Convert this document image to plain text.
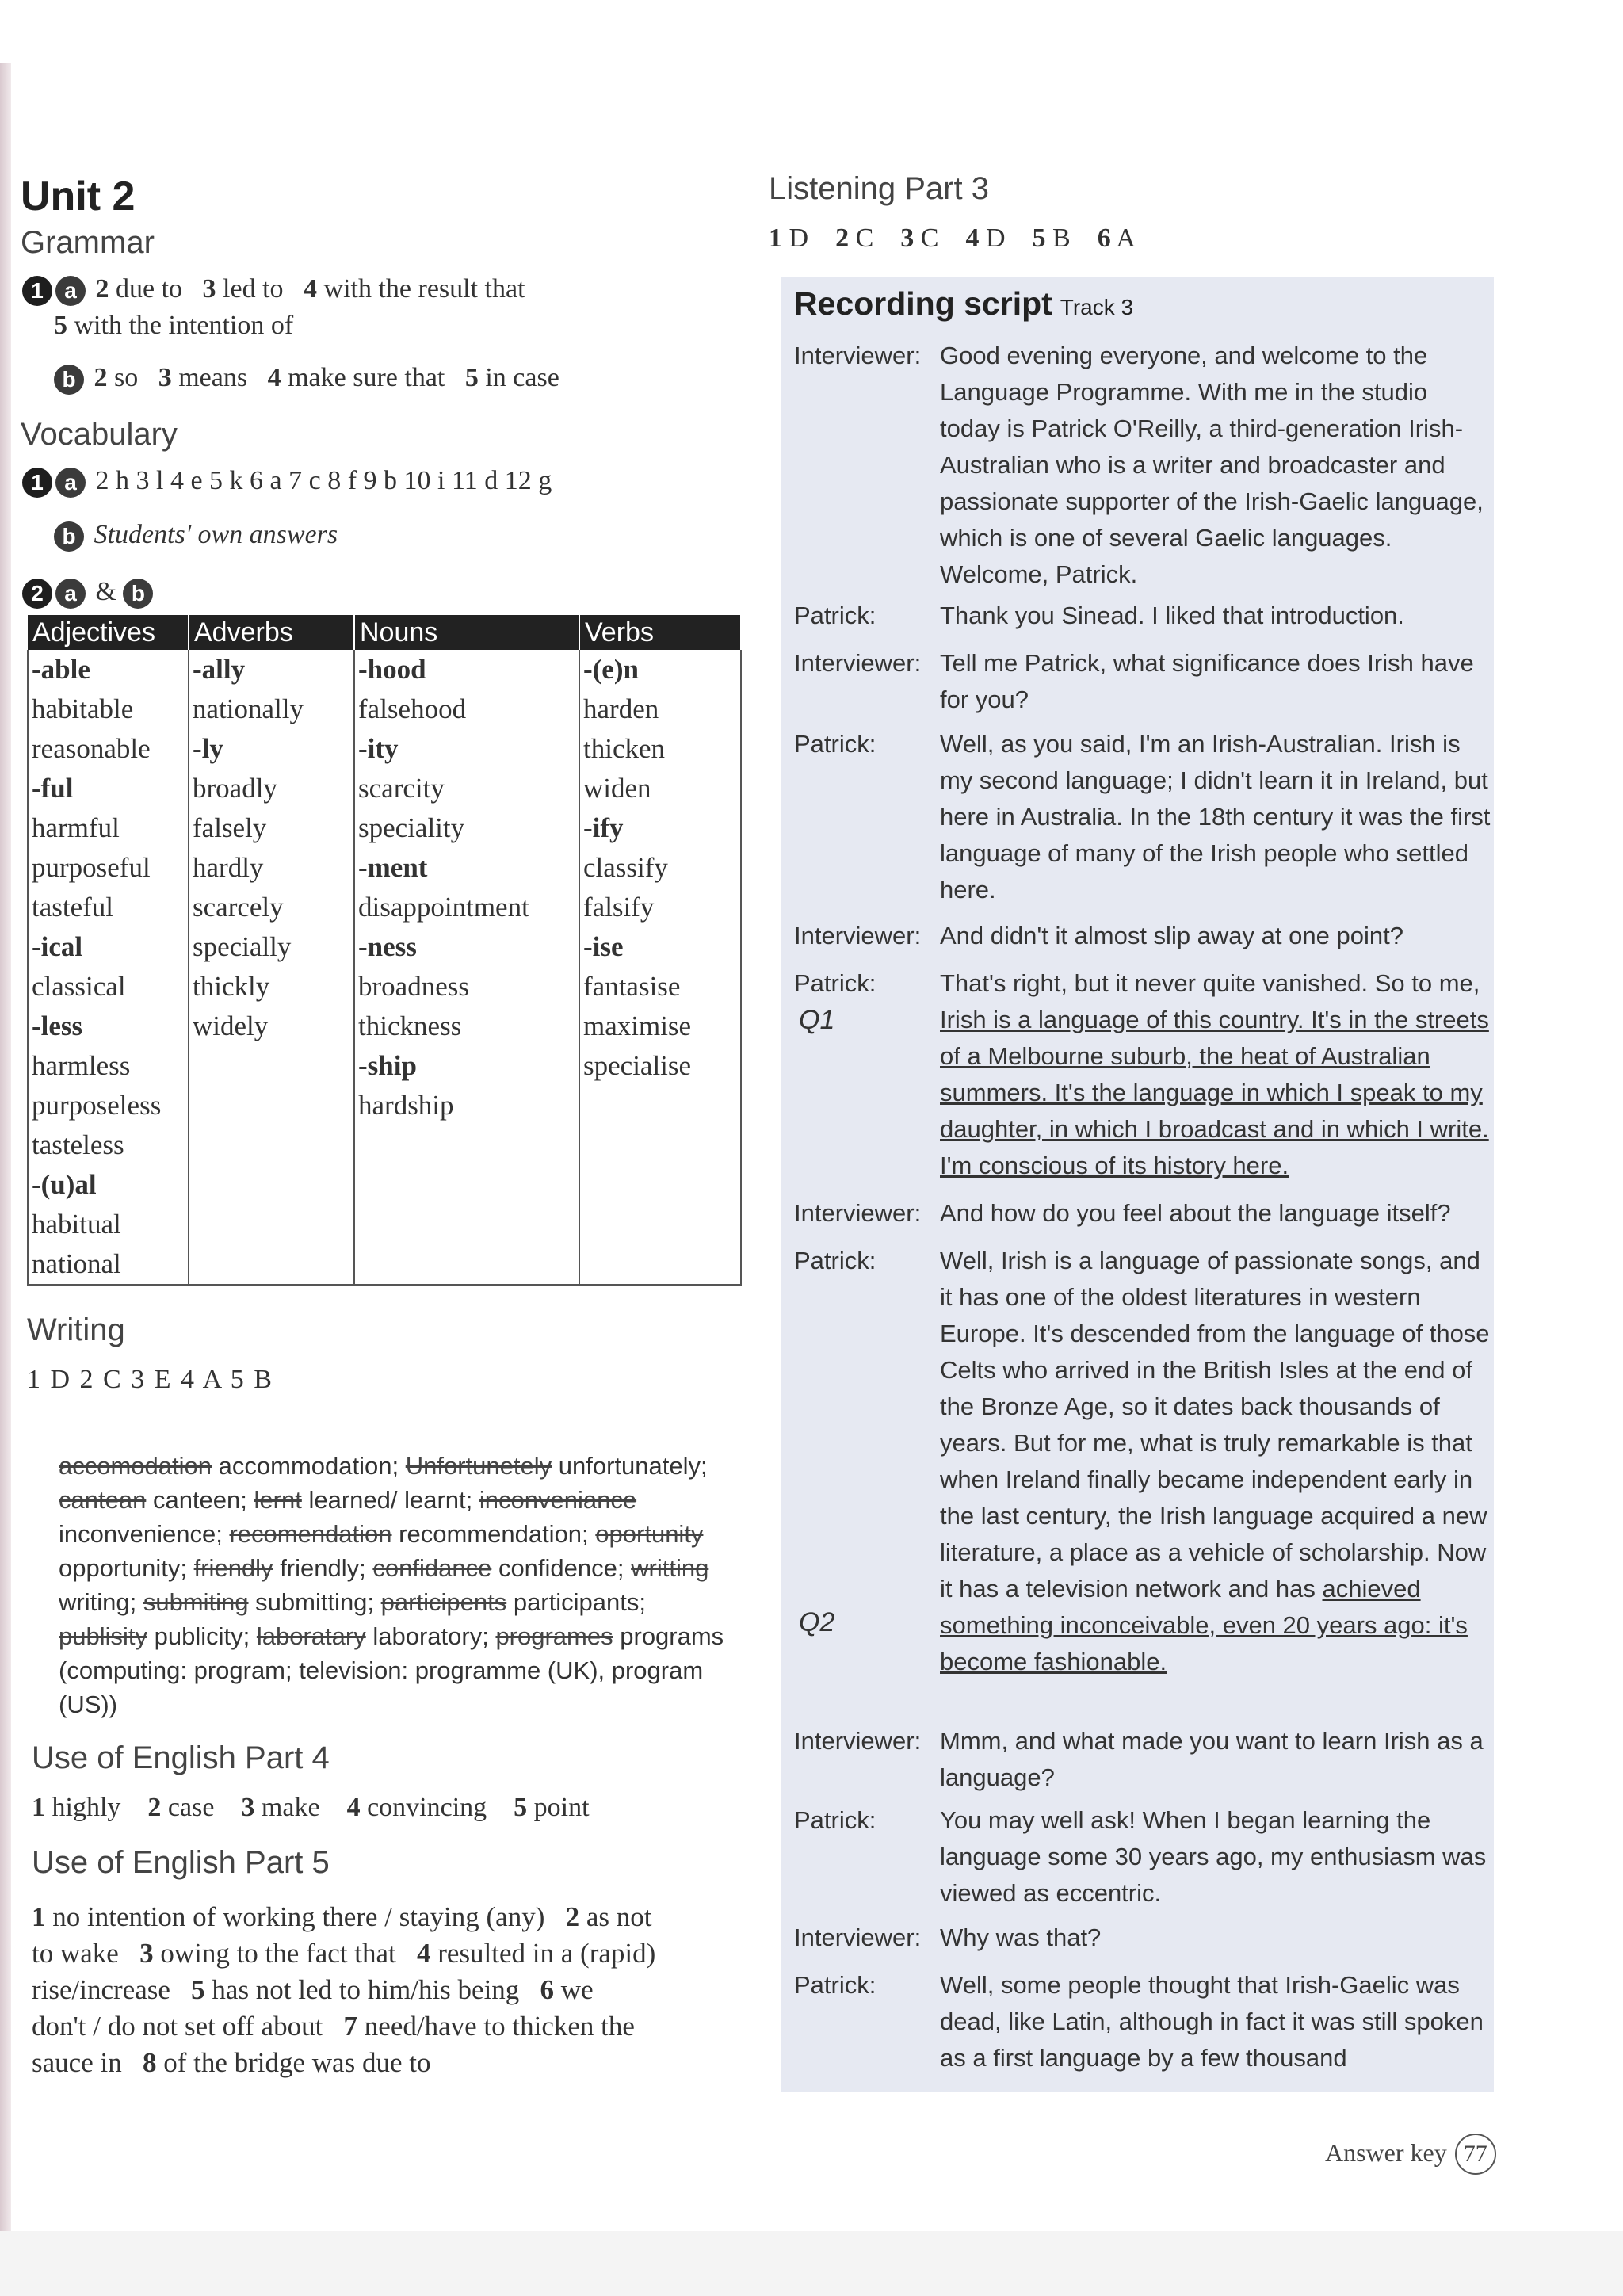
Unit 2
Grammar
1 a 2 due to 3 led to 4 with the result that
5 with the intention of
b 2 so 3 means 4 make sure that 5 in case
Vocabulary
1 a 2 h 3 l 4 e 5 k 6 a 7 c 8 f 9 b 10 i 11 d 12 g
b Students' own answers
2 a & b
Adjectives	Adverbs	Nouns	Verbs
-able	-ally	-hood	-(e)n
habitable	nationally	falsehood	harden
reasonable	-ly	-ity	thicken
-ful	broadly	scarcity	widen
harmful	falsely	speciality	-ify
purposeful	hardly	-ment	classify
tasteful	scarcely	disappointment	falsify
-ical	specially	-ness	-ise
classical	thickly	broadness	fantasise
-less	widely	thickness	maximise
harmless		-ship	specialise
purposeless		hardship	
tasteless			
-(u)al			
habitual			
national			
Writing
1 D 2 C 3 E 4 A 5 B
accomodation accommodation; Unfortunetely unfortunately; cantean canteen; lernt learned/ learnt; inconveniance inconvenience; recomendation recommendation; oportunity opportunity; friendly friendly; confidance confidence; writting writing; submiting submitting; participents participants; publisity publicity; laboratary laboratory; programes programs (computing: program; television: programme (UK), program (US))
Use of English Part 4
1 highly 2 case 3 make 4 convincing 5 point
Use of English Part 5
1 no intention of working there / staying (any) 2 as not
to wake 3 owing to the fact that 4 resulted in a (rapid)
rise/increase 5 has not led to him/his being 6 we
don't / do not set off about 7 need/have to thicken the
sauce in 8 of the bridge was due to
Listening Part 3
1 D 2 C 3 C 4 D 5 B 6 A
Recording script Track 3
Interviewer: Good evening everyone, and welcome to the Language Programme. With me in the studio today is Patrick O'Reilly, a third-generation Irish-Australian who is a writer and broadcaster and passionate supporter of the Irish-Gaelic language, which is one of several Gaelic languages. Welcome, Patrick.
Patrick:	Thank you Sinead. I liked that introduction.
Interviewer: Tell me Patrick, what significance does Irish have for you?
Patrick:	Well, as you said, I'm an Irish-Australian. Irish is my second language; I didn't learn it in Ireland, but here in Australia. In the 18th century it was the first language of many of the Irish people who settled here.
Interviewer: And didn't it almost slip away at one point?
Patrick:
Q1
That's right, but it never quite vanished. So to me, Irish is a language of this country. It's in the streets of a Melbourne suburb, the heat of Australian summers. It's the language in which I speak to my daughter, in which I broadcast and in which I write. I'm conscious of its history here.
Interviewer: And how do you feel about the language itself?
Patrick:
Q2
Well, Irish is a language of passionate songs, and it has one of the oldest literatures in western Europe. It's descended from the language of those Celts who arrived in the British Isles at the end of the Bronze Age, so it dates back thousands of years. But for me, what is truly remarkable is that when Ireland finally became independent early in the last century, the Irish language acquired a new literature, a place as a vehicle of scholarship. Now it has a television network and has achieved something inconceivable, even 20 years ago: it's become fashionable.
Interviewer: Mmm, and what made you want to learn Irish as a language?
Patrick:	You may well ask! When I began learning the language some 30 years ago, my enthusiasm was viewed as eccentric.
Interviewer: Why was that?
Patrick:	Well, some people thought that Irish-Gaelic was dead, like Latin, although in fact it was still spoken as a first language by a few thousand
Answer key 77
